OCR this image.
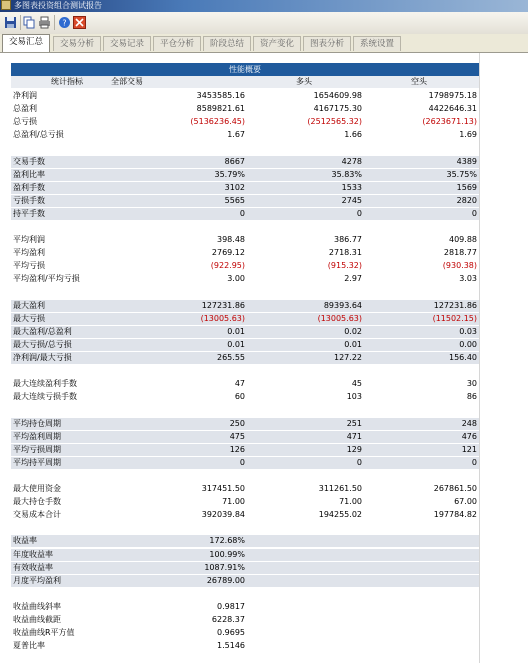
多图表投资组合测试报告
?
交易汇总	交易分析	交易记录	平仓分析	阶段总结	资产变化	图表分析	系统设置
性能概要
统计指标	全部交易	多头	空头
净利润	3453585.16	1654609.98	1798975.18
总盈利	8589821.61	4167175.30	4422646.31
总亏损	(5136236.45)	(2512565.32)	(2623671.13)
总盈利/总亏损	1.67	1.66	1.69
交易手数	8667	4278	4389
盈利比率	35.79%	35.83%	35.75%
盈利手数	3102	1533	1569
亏损手数	5565	2745	2820
持平手数	0	0	0
平均利润	398.48	386.77	409.88
平均盈利	2769.12	2718.31	2818.77
平均亏损	(922.95)	(915.32)	(930.38)
平均盈利/平均亏损	3.00	2.97	3.03
最大盈利	127231.86	89393.64	127231.86
最大亏损	(13005.63)	(13005.63)	(11502.15)
最大盈利/总盈利	0.01	0.02	0.03
最大亏损/总亏损	0.01	0.01	0.00
净利润/最大亏损	265.55	127.22	156.40
最大连续盈利手数	47	45	30
最大连续亏损手数	60	103	86
平均持仓周期	250	251	248
平均盈利周期	475	471	476
平均亏损周期	126	129	121
平均持平周期	0	0	0
最大使用资金	317451.50	311261.50	267861.50
最大持仓手数	71.00	71.00	67.00
交易成本合计	392039.84	194255.02	197784.82
收益率	172.68%
年度收益率	100.99%
有效收益率	1087.91%
月度平均盈利	26789.00
收益曲线斜率	0.9817
收益曲线截距	6228.37
收益曲线R平方值	0.9695
夏普比率	1.5146
